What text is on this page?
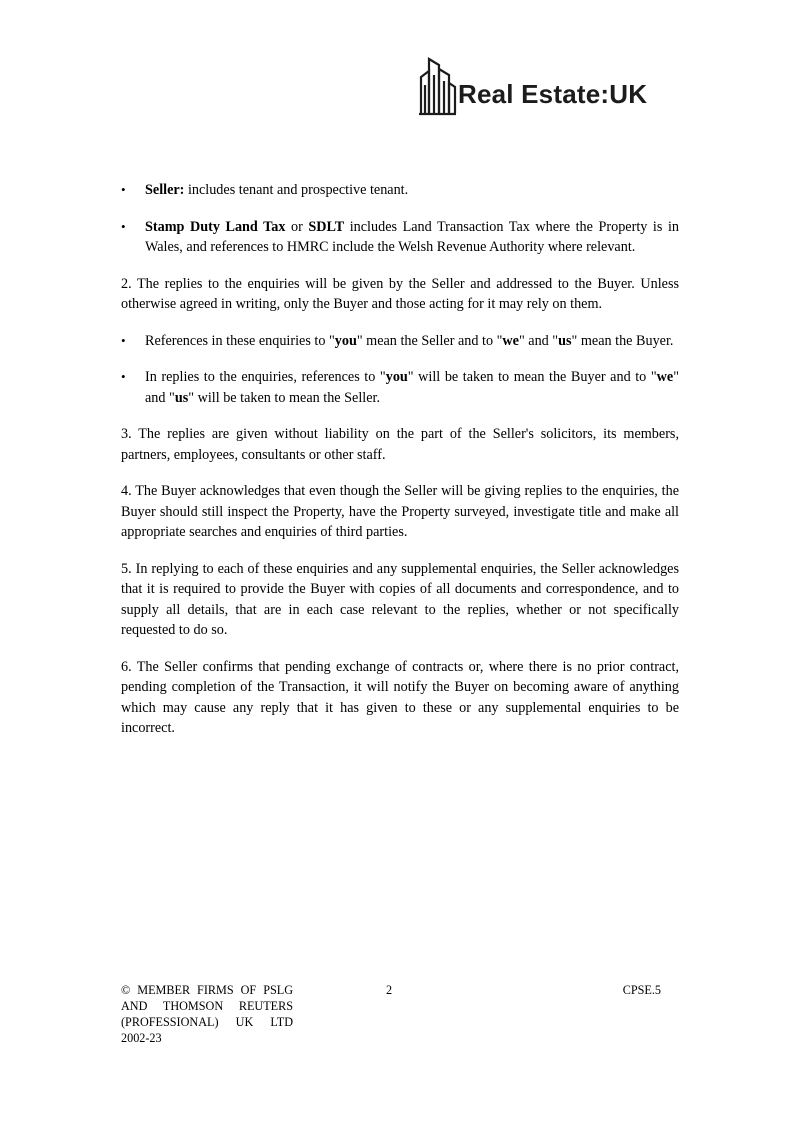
Real Estate:UK
• Seller: includes tenant and prospective tenant.
• Stamp Duty Land Tax or SDLT includes Land Transaction Tax where the Property is in Wales, and references to HMRC include the Welsh Revenue Authority where relevant.

2. The replies to the enquiries will be given by the Seller and addressed to the Buyer. Unless otherwise agreed in writing, only the Buyer and those acting for it may rely on them.

• References in these enquiries to "you" mean the Seller and to "we" and "us" mean the Buyer.
• In replies to the enquiries, references to "you" will be taken to mean the Buyer and to "we" and "us" will be taken to mean the Seller.

3. The replies are given without liability on the part of the Seller's solicitors, its members, partners, employees, consultants or other staff.

4. The Buyer acknowledges that even though the Seller will be giving replies to the enquiries, the Buyer should still inspect the Property, have the Property surveyed, investigate title and make all appropriate searches and enquiries of third parties.

5. In replying to each of these enquiries and any supplemental enquiries, the Seller acknowledges that it is required to provide the Buyer with copies of all documents and correspondence, and to supply all details, that are in each case relevant to the replies, whether or not specifically requested to do so.

6. The Seller confirms that pending exchange of contracts or, where there is no prior contract, pending completion of the Transaction, it will notify the Buyer on becoming aware of anything which may cause any reply that it has given to these or any supplemental enquiries to be incorrect.

© MEMBER FIRMS OF PSLG
AND THOMSON REUTERS
(PROFESSIONAL) UK LTD
2002-23
2	CPSE.5
